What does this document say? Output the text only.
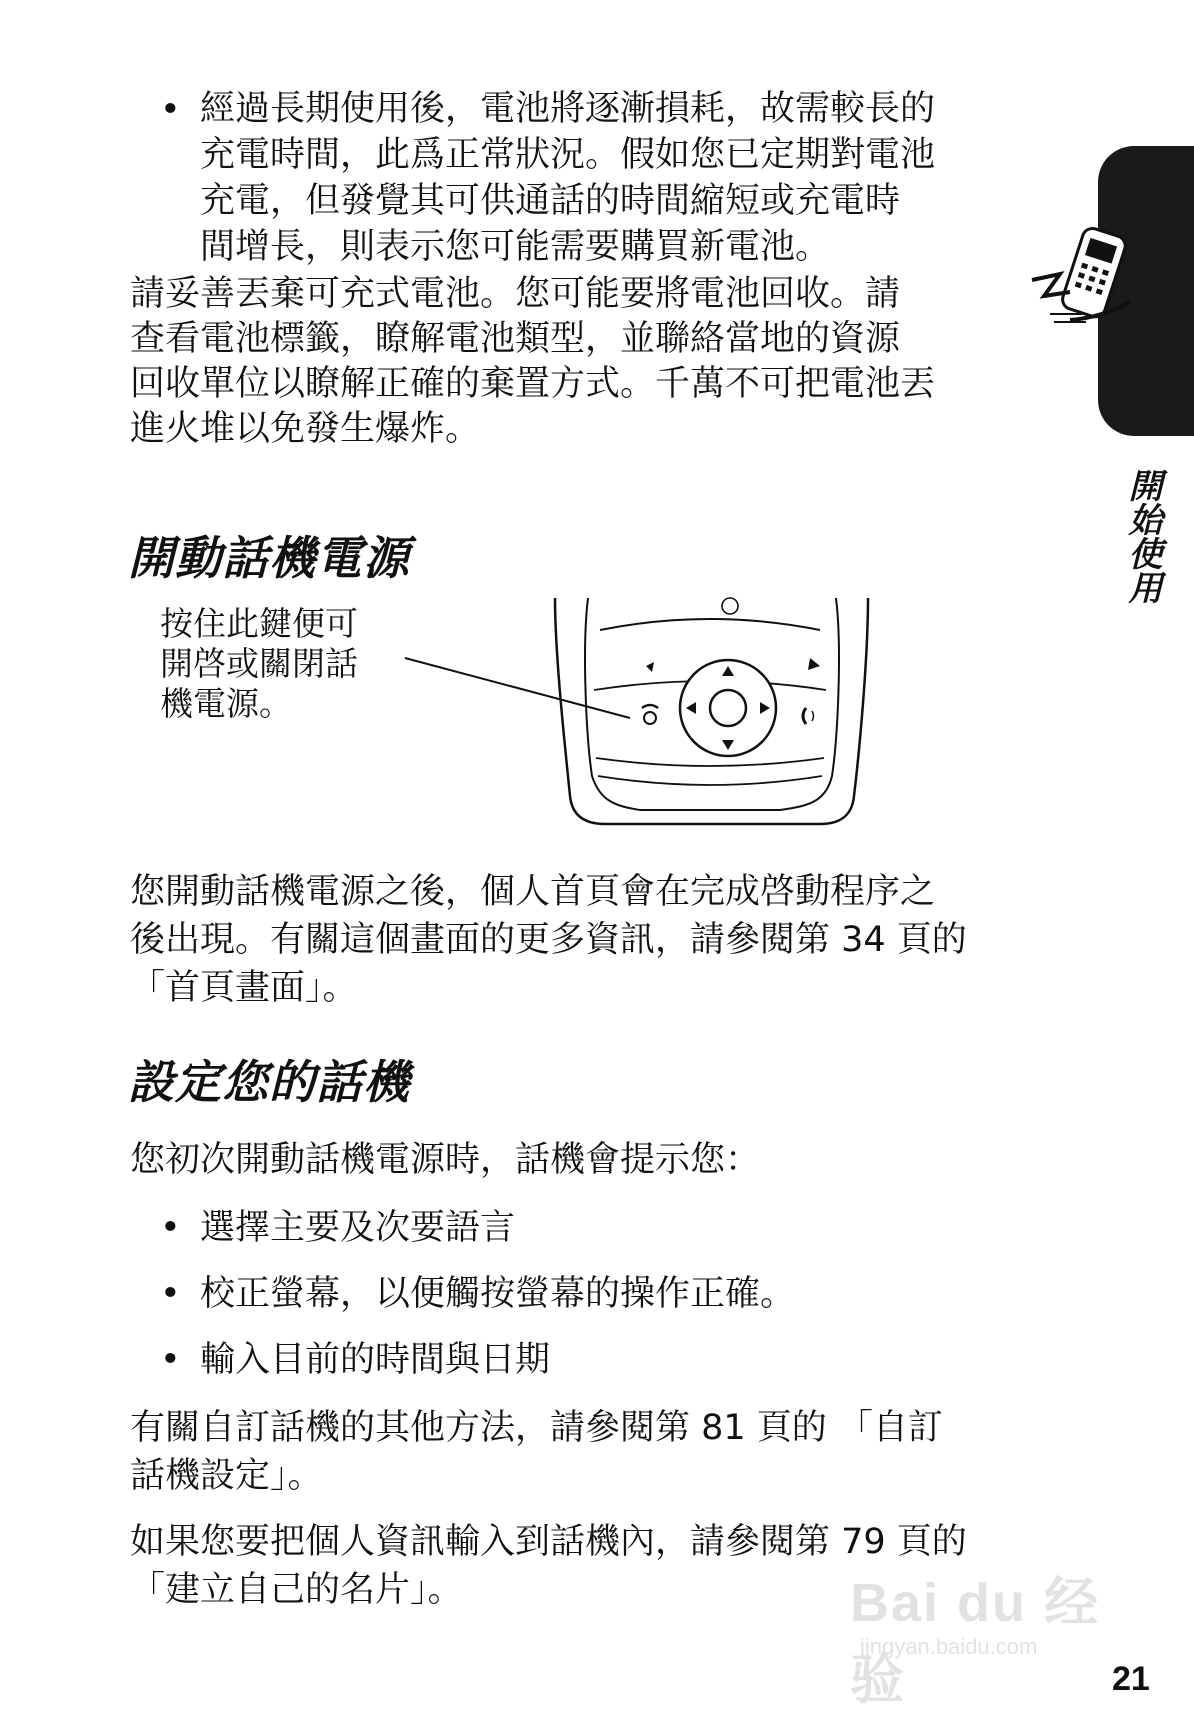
• 經過長期使用後，電池將逐漸損耗，故需較長的
充電時間，此爲正常狀況。假如您已定期對電池
充電，但發覺其可供通話的時間縮短或充電時
間增長，則表示您可能需要購買新電池。

請妥善丟棄可充式電池。您可能要將電池回收。請
查看電池標籤，瞭解電池類型，並聯絡當地的資源
回收單位以瞭解正確的棄置方式。千萬不可把電池丟
進火堆以免發生爆炸。

開動話機電源
按住此鍵便可
開啓或關閉話
機電源。

您開動話機電源之後，個人首頁會在完成啓動程序之
後出現。有關這個畫面的更多資訊，請參閱第 34 頁的
「首頁畫面」。

設定您的話機

您初次開動話機電源時，話機會提示您：

• 選擇主要及次要語言
• 校正螢幕，以便觸按螢幕的操作正確。
• 輸入目前的時間與日期

有關自訂話機的其他方法，請參閱第 81 頁的 「自訂
話機設定」。

如果您要把個人資訊輸入到話機內，請參閱第 79 頁的
「建立自己的名片」。

開始使用
Bai du 经验
jingyan.baidu.com
21
